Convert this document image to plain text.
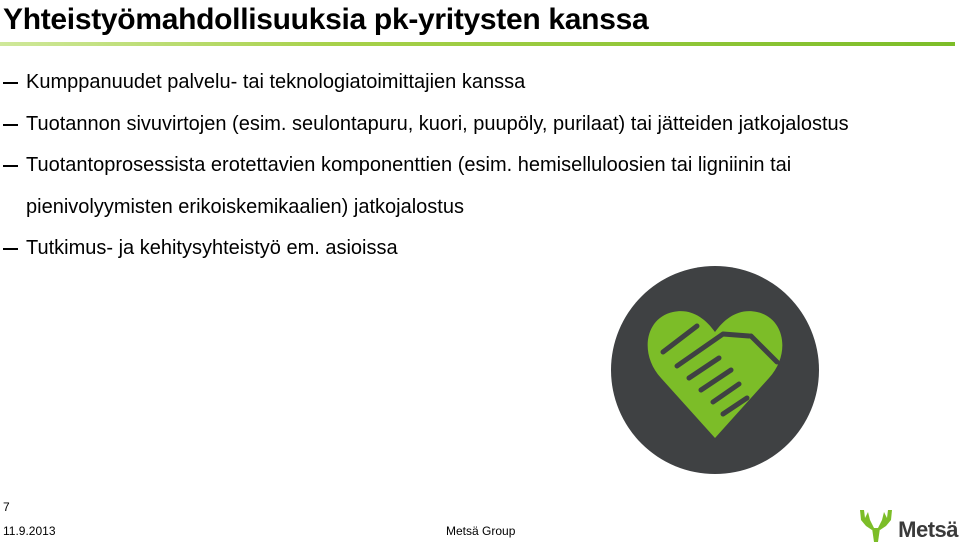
Yhteistyömahdollisuuksia pk-yritysten kanssa
Kumppanuudet palvelu- tai teknologiatoimittajien kanssa
Tuotannon sivuvirtojen (esim. seulontapuru, kuori, puupöly, purilaat) tai jätteiden jatkojalostus
Tuotantoprosessista erotettavien komponenttien (esim. hemiselluloosien tai ligniinin tai pienivolyymisten erikoiskemikaalien) jatkojalostus
Tutkimus- ja kehitysyhteistyö em. asioissa
7
11.9.2013	Metsä Group	Metsä
